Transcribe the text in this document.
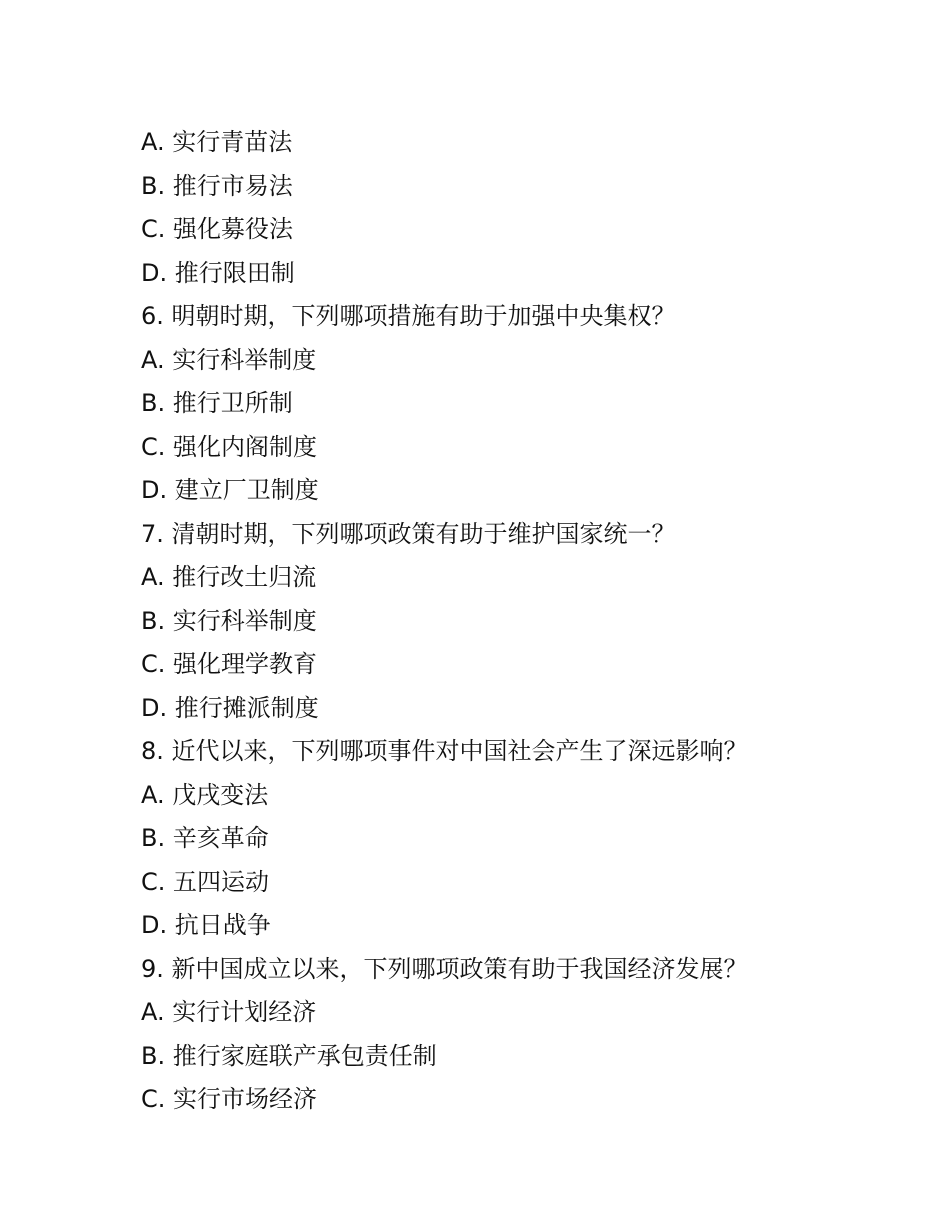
A. 实行青苗法
B. 推行市易法
C. 强化募役法
D. 推行限田制
6. 明朝时期，下列哪项措施有助于加强中央集权？
A. 实行科举制度
B. 推行卫所制
C. 强化内阁制度
D. 建立厂卫制度
7. 清朝时期，下列哪项政策有助于维护国家统一？
A. 推行改土归流
B. 实行科举制度
C. 强化理学教育
D. 推行摊派制度
8. 近代以来，下列哪项事件对中国社会产生了深远影响？
A. 戊戌变法
B. 辛亥革命
C. 五四运动
D. 抗日战争
9. 新中国成立以来，下列哪项政策有助于我国经济发展？
A. 实行计划经济
B. 推行家庭联产承包责任制
C. 实行市场经济
